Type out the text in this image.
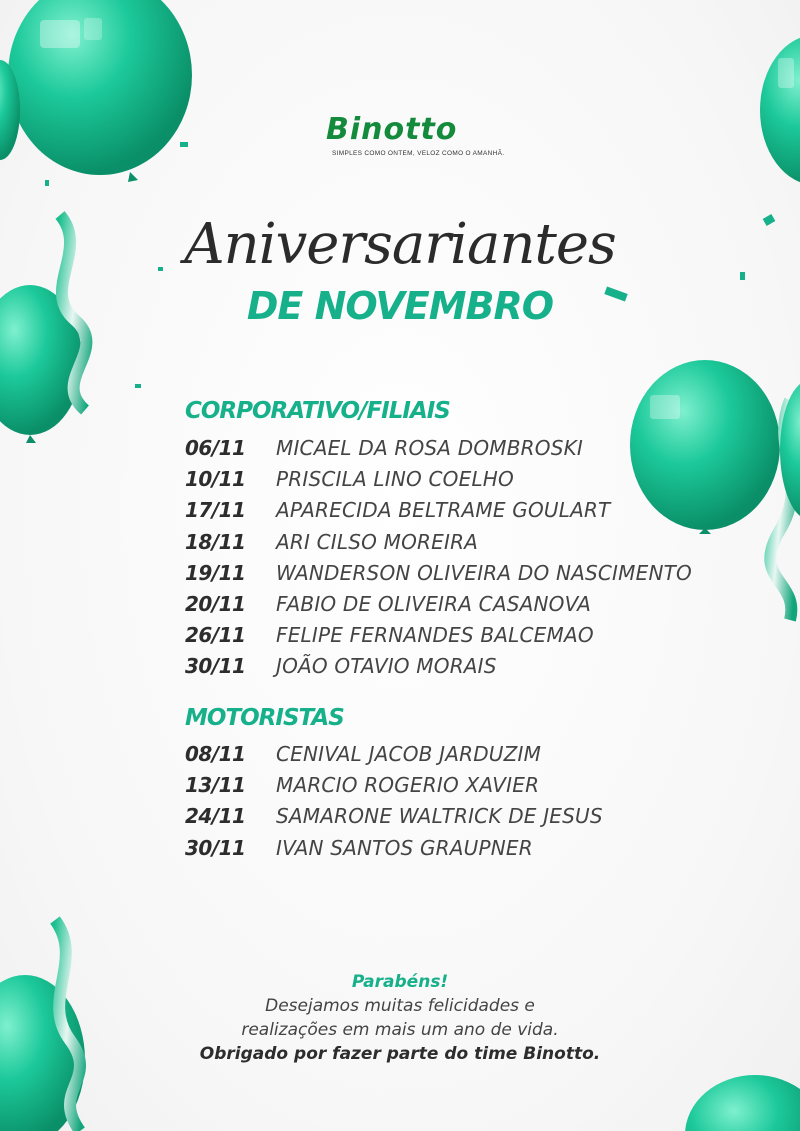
Binotto
SIMPLES COMO ONTEM, VELOZ COMO O AMANHÃ.
Aniversariantes
DE NOVEMBRO
CORPORATIVO/FILIAIS
06/11 MICAEL DA ROSA DOMBROSKI
10/11 PRISCILA LINO COELHO
17/11 APARECIDA BELTRAME GOULART
18/11 ARI CILSO MOREIRA
19/11 WANDERSON OLIVEIRA DO NASCIMENTO
20/11 FABIO DE OLIVEIRA CASANOVA
26/11 FELIPE FERNANDES BALCEMAO
30/11 JOÃO OTAVIO MORAIS
MOTORISTAS
08/11 CENIVAL JACOB JARDUZIM
13/11 MARCIO ROGERIO XAVIER
24/11 SAMARONE WALTRICK DE JESUS
30/11 IVAN SANTOS GRAUPNER
Parabéns!
Desejamos muitas felicidades e
realizações em mais um ano de vida.
Obrigado por fazer parte do time Binotto.
